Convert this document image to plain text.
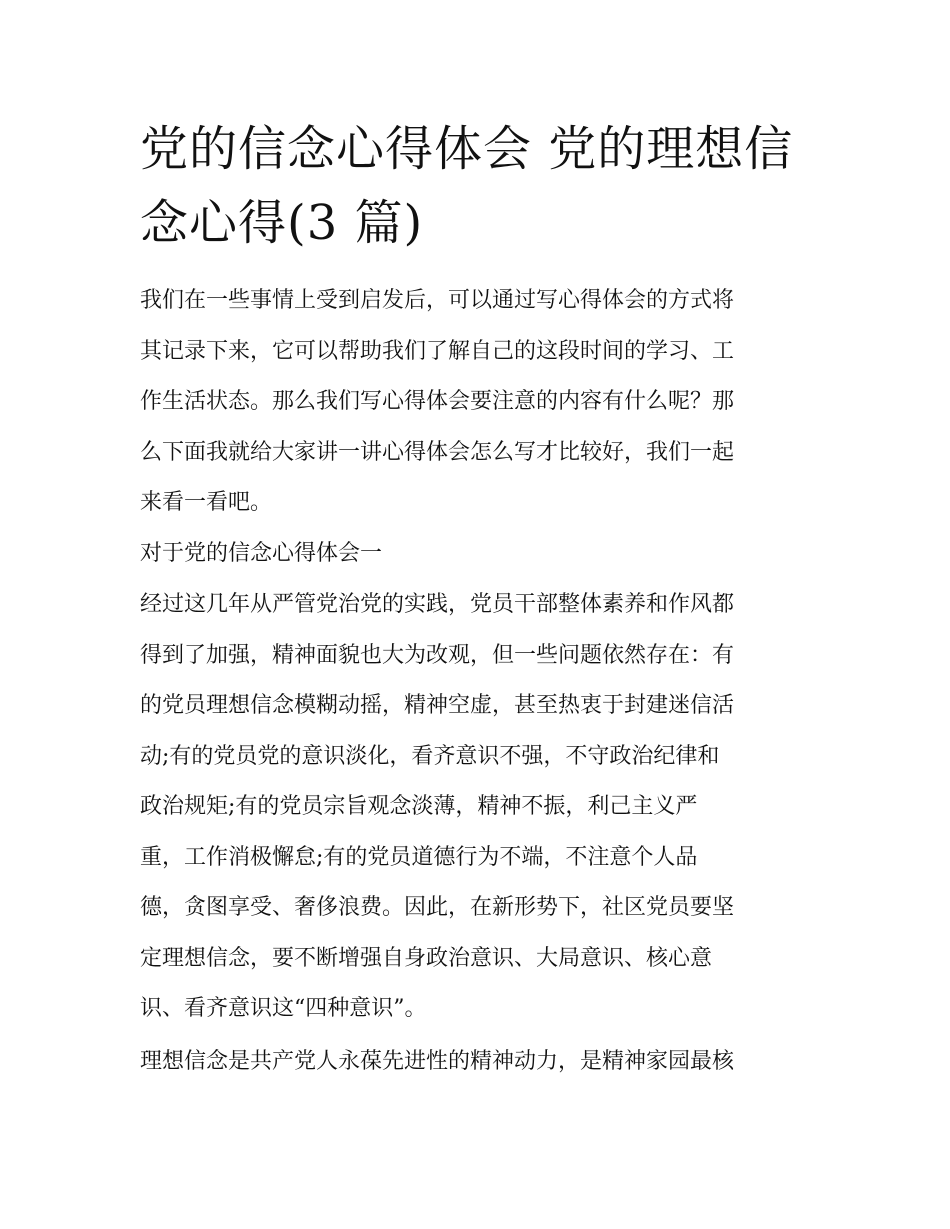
党的信念心得体会 党的理想信
念心得(3 篇)

我们在一些事情上受到启发后，可以通过写心得体会的方式将
其记录下来，它可以帮助我们了解自己的这段时间的学习、工
作生活状态。那么我们写心得体会要注意的内容有什么呢？那
么下面我就给大家讲一讲心得体会怎么写才比较好，我们一起
来看一看吧。

对于党的信念心得体会一

经过这几年从严管党治党的实践，党员干部整体素养和作风都
得到了加强，精神面貌也大为改观，但一些问题依然存在：有
的党员理想信念模糊动摇，精神空虚，甚至热衷于封建迷信活
动;有的党员党的意识淡化，看齐意识不强，不守政治纪律和
政治规矩;有的党员宗旨观念淡薄，精神不振，利己主义严
重，工作消极懈怠;有的党员道德行为不端，不注意个人品
德，贪图享受、奢侈浪费。因此，在新形势下，社区党员要坚
定理想信念，要不断增强自身政治意识、大局意识、核心意
识、看齐意识这“四种意识”。

理想信念是共产党人永葆先进性的精神动力，是精神家园最核
